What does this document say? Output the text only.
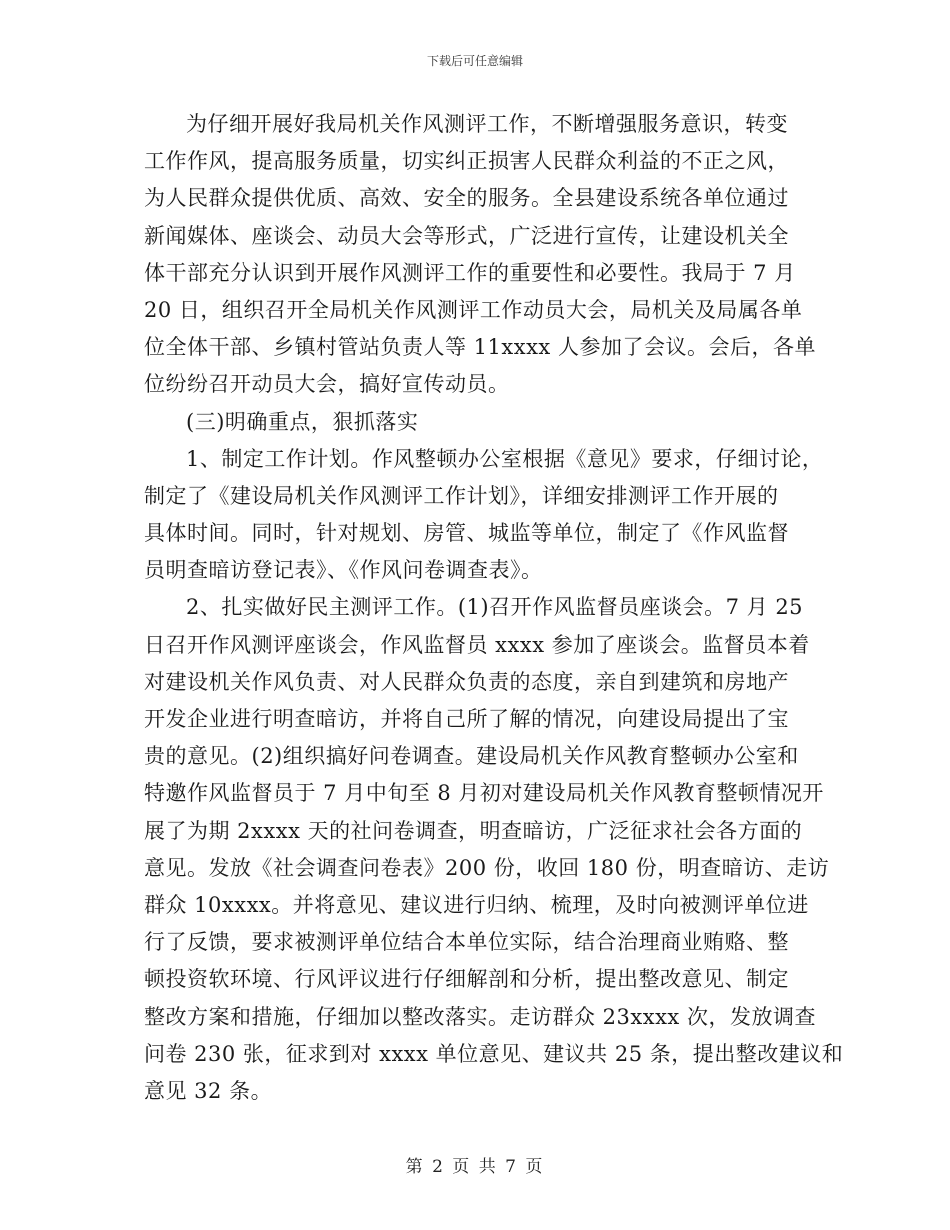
下载后可任意编辑
为仔细开展好我局机关作风测评工作，不断增强服务意识，转变
工作作风，提高服务质量，切实纠正损害人民群众利益的不正之风，
为人民群众提供优质、高效、安全的服务。全县建设系统各单位通过
新闻媒体、座谈会、动员大会等形式，广泛进行宣传，让建设机关全
体干部充分认识到开展作风测评工作的重要性和必要性。我局于 7 月
20 日，组织召开全局机关作风测评工作动员大会，局机关及局属各单
位全体干部、乡镇村管站负责人等 11xxxx 人参加了会议。会后，各单
位纷纷召开动员大会，搞好宣传动员。
(三)明确重点，狠抓落实
1、制定工作计划。作风整顿办公室根据《意见》要求，仔细讨论，
制定了《建设局机关作风测评工作计划》，详细安排测评工作开展的
具体时间。同时，针对规划、房管、城监等单位，制定了《作风监督
员明查暗访登记表》、《作风问卷调查表》。
2、扎实做好民主测评工作。(1)召开作风监督员座谈会。7 月 25
日召开作风测评座谈会，作风监督员 xxxx 参加了座谈会。监督员本着
对建设机关作风负责、对人民群众负责的态度，亲自到建筑和房地产
开发企业进行明查暗访，并将自己所了解的情况，向建设局提出了宝
贵的意见。(2)组织搞好问卷调查。建设局机关作风教育整顿办公室和
特邀作风监督员于 7 月中旬至 8 月初对建设局机关作风教育整顿情况开
展了为期 2xxxx 天的社问卷调查，明查暗访，广泛征求社会各方面的
意见。发放《社会调查问卷表》200 份，收回 180 份，明查暗访、走访
群众 10xxxx。并将意见、建议进行归纳、梳理，及时向被测评单位进
行了反馈，要求被测评单位结合本单位实际，结合治理商业贿赂、整
顿投资软环境、行风评议进行仔细解剖和分析，提出整改意见、制定
整改方案和措施，仔细加以整改落实。走访群众 23xxxx 次，发放调查
问卷 230 张，征求到对 xxxx 单位意见、建议共 25 条，提出整改建议和
意见 32 条。
第 2 页 共 7 页
